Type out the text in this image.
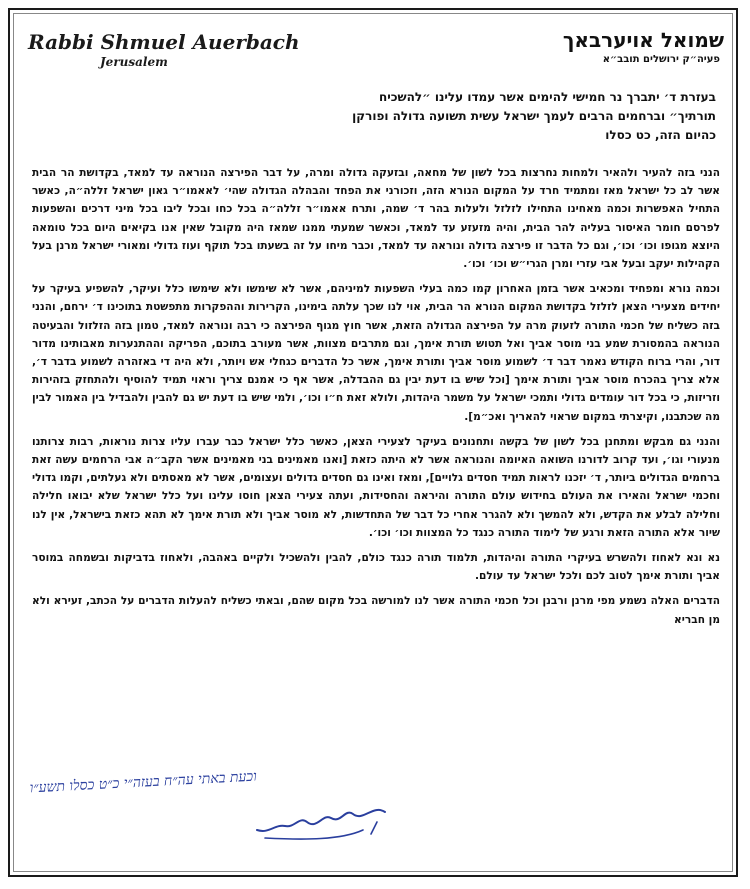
Rabbi Shmuel Auerbach
Jerusalem
שמואל אויערבאך
פעיה״ק ירושלים תובב״א
בעזרת ד׳ יתברך נר חמישי להימים אשר עמדו עלינו ״להשכיח
תורתיך״ וברחמים הרבים לעמך ישראל עשית תשועה גדולה ופורקן
כהיום הזה, כט כסלו

הנני בזה להעיר ולהאיר ולמחות נחרצות בכל לשון של מחאה, ובזעקה גדולה ומרה, על דבר הפירצה הנוראה עד למאד, בקדושת הר הבית אשר לב כל ישראל מאז ומתמיד חרד על המקום הנורא הזה, וזכורני את הפחד והבהלה הגדולה שהי׳ לאאמו״ר גאון ישראל זללה״ה, כאשר התחיל האפשרות וכמה מאחינו התחילו לזלזל ולעלות בהר ד׳ שמה, ותרח אאמו״ר זללה״ה בכל כחו ובכל ליבו בכל מיני דרכים והשפעות לפרסם חומר האיסור בעליה להר הבית, והיה מזעזע עד למאד, וכאשר שמעתי ממנו שמאז היה מקובל שאין אנו בקיאים היום בכל טומאה היוצא מגופו וכו׳ וכו׳, וגם כל הדבר זו פירצה גדולה ונוראה עד למאד, וכבר מיחו על זה בשעתו בכל תוקף ועוז גדולי ומאורי ישראל מרנן בעל הקהילות יעקב ובעל אבי עזרי ומרן הגרי״ש וכו׳ וכו׳.

וכמה נורא ומפחיד ומכאיב אשר בזמן האחרון קמו כמה בעלי השפעות למיניהם, אשר לא שימשו ולא שימשו כלל ועיקר, להשפיע בעיקר על יחידים מצעירי הצאן לזלזל בקדושת המקום הנורא הר הבית, אוי לנו שכך עלתה בימינו, הקרירות וההפקרות מתפשטת בתוכינו ד׳ ירחם, והנני בזה כשליח של חכמי התורה לזעוק מרה על הפירצה הגדולה הזאת, אשר חוץ מגוף הפירצה כי רבה ונוראה למאד, טמון בזה הזלזול והבעיטה הנוראה בהמסורת שמע בני מוסר אביך ואל תטוש תורת אימך, וגם מתרבים מצוות, אשר מעורב בתוכם, הפריקה וההתנערות מאבותינו מדור דור, והרי ברוח הקודש נאמר דבר ד׳ לשמוע מוסר אביך ותורת אימך, אשר כל הדברים כגחלי אש ויותר, ולא היה די באזהרה לשמוע בדבר ד׳, אלא צריך בהכרח מוסר אביך ותורת אימך [וכל שיש בו דעת יבין גם ההבדלה, אשר אף כי אמנם צריך וראוי תמיד להוסיף ולהתחזק בזהירות וזריזות, כי בכל דור עומדים גדולי ותמכי ישראל על משמר היהדות, ולולא זאת ח״ו וכו׳, ולמי שיש בו דעת יש גם להבין ולהבדיל בין האמור לבין מה שכתבנו, וקיצרתי במקום שראוי להאריך ואכ״מ].

והנני גם מבקש ומתחנן בכל לשון של בקשה ותחנונים בעיקר לצעירי הצאן, כאשר כלל ישראל כבר עברו עליו צרות נוראות, רבות צרותנו מנעורי וגו׳, ועד קרוב לדורנו השואה האיומה והנוראה אשר לא היתה כזאת [ואנו מאמינים בני מאמינים אשר הקב״ה אבי הרחמים עשה זאת ברחמים הגדולים ביותר, ד׳ יזכנו לראות תמיד חסדים גלויים], ומאז ואינו גם חסדים גדולים ועצומים, אשר לא מאסתים ולא געלתים, וקמו גדולי וחכמי ישראל והאירו את העולם בחידוש עולם התורה והיראה והחסידות, ועתה צעירי הצאן חוסו עלינו ועל כלל ישראל שלא יבואו חלילה וחלילה לבלע את הקדש, ולא להמשך ולא להגרר אחרי כל דבר של התחדשות, לא מוסר אביך ולא תורת אימך לא תהא כזאת בישראל, אין לנו שיור אלא התורה הזאת ורגע של לימוד התורה כנגד כל המצוות וכו׳ וכו׳.

נא ונא לאחוז ולהשרש בעיקרי התורה והיהדות, תלמוד תורה כנגד כולם, להבין ולהשכיל ולקיים באהבה, ולאחוז בדביקות ובשמחה במוסר אביך ותורת אימך לטוב לכם ולכל ישראל עד עולם.

הדברים האלה נשמע מפי מרנן ורבנן וכל חכמי התורה אשר לנו למורשה בכל מקום שהם, ובאתי כשליח להעלות הדברים על הכתב, זעירא ולא מן חבריא

וכעת באתי עה״ח בעזה״י כ״ט כסלו תשע״ו
